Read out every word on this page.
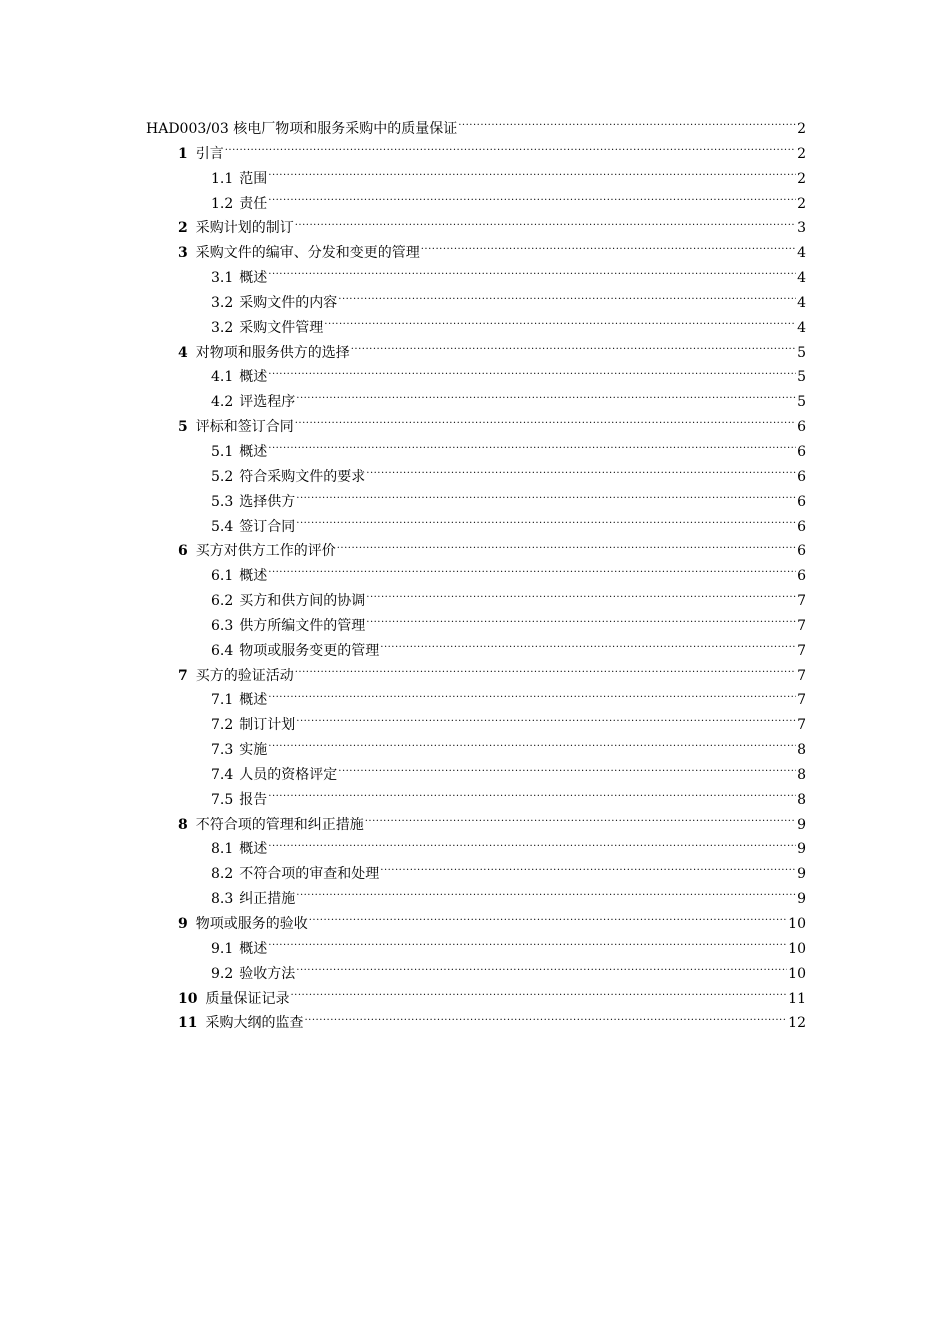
HAD003/03 核电厂物项和服务采购中的质量保证 .....	2
1 引言 .....	2
1.1 范围 .....	2
1.2 责任 .....	2
2 采购计划的制订 .....	3
3 采购文件的编审、分发和变更的管理 .....	4
3.1 概述 .....	4
3.2 采购文件的内容 .....	4
3.2 采购文件管理 .....	4
4 对物项和服务供方的选择 .....	5
4.1 概述 .....	5
4.2 评选程序 .....	5
5 评标和签订合同 .....	6
5.1 概述 .....	6
5.2 符合采购文件的要求 .....	6
5.3 选择供方 .....	6
5.4 签订合同 .....	6
6 买方对供方工作的评价 .....	6
6.1 概述 .....	6
6.2 买方和供方间的协调 .....	7
6.3 供方所编文件的管理 .....	7
6.4 物项或服务变更的管理 .....	7
7 买方的验证活动 .....	7
7.1 概述 .....	7
7.2 制订计划 .....	7
7.3 实施 .....	8
7.4 人员的资格评定 .....	8
7.5 报告 .....	8
8 不符合项的管理和纠正措施 .....	9
8.1 概述 .....	9
8.2 不符合项的审查和处理 .....	9
8.3 纠正措施 .....	9
9 物项或服务的验收 .....	10
9.1 概述 .....	10
9.2 验收方法 .....	10
10 质量保证记录 .....	11
11 采购大纲的监查 .....	12
